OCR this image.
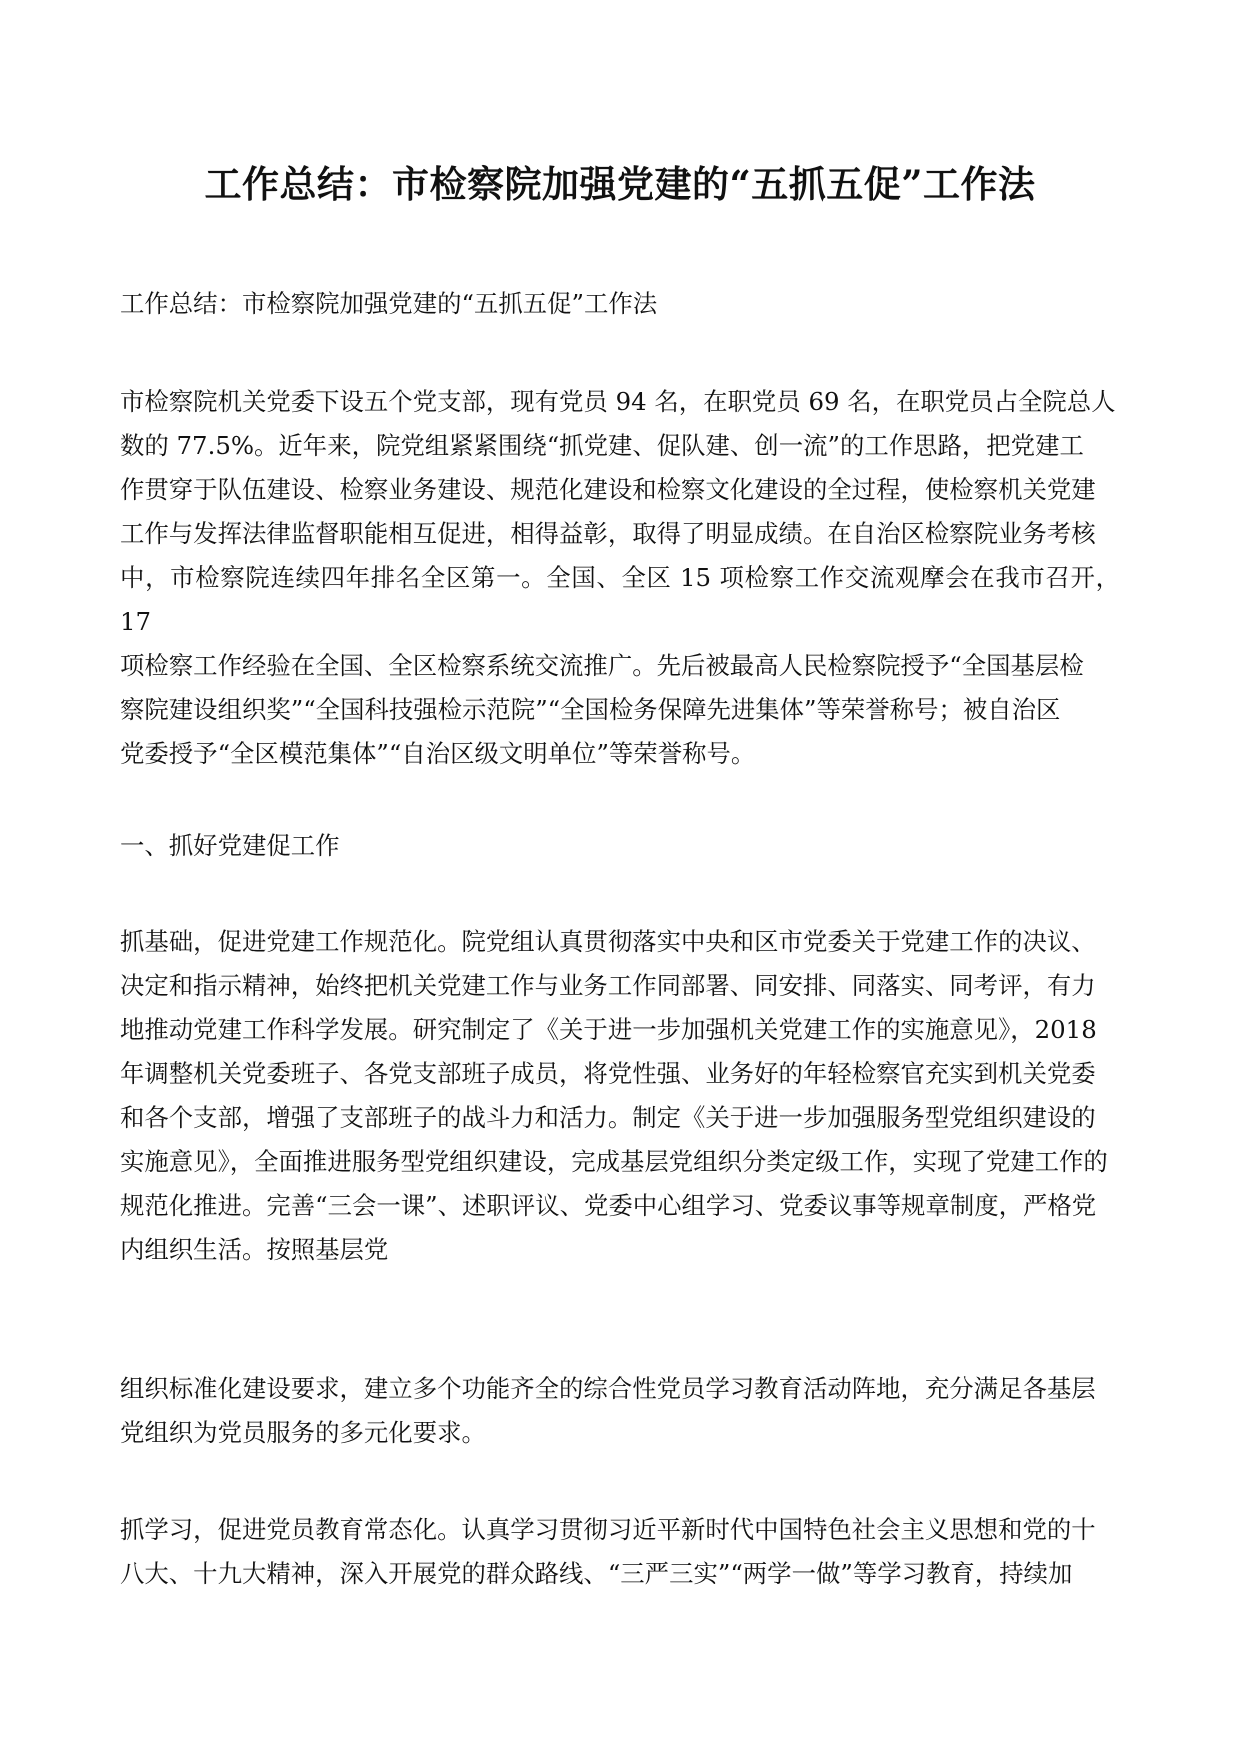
工作总结：市检察院加强党建的“五抓五促”工作法

工作总结：市检察院加强党建的“五抓五促”工作法

市检察院机关党委下设五个党支部，现有党员 94 名，在职党员 69 名，在职党员占全院总人
数的 77.5%。近年来，院党组紧紧围绕“抓党建、促队建、创一流”的工作思路，把党建工
作贯穿于队伍建设、检察业务建设、规范化建设和检察文化建设的全过程，使检察机关党建
工作与发挥法律监督职能相互促进，相得益彰，取得了明显成绩。在自治区检察院业务考核
中，市检察院连续四年排名全区第一。全国、全区 15 项检察工作交流观摩会在我市召开，17
项检察工作经验在全国、全区检察系统交流推广。先后被最高人民检察院授予“全国基层检
察院建设组织奖”“全国科技强检示范院”“全国检务保障先进集体”等荣誉称号；被自治区
党委授予“全区模范集体”“自治区级文明单位”等荣誉称号。

一、抓好党建促工作

抓基础，促进党建工作规范化。院党组认真贯彻落实中央和区市党委关于党建工作的决议、
决定和指示精神，始终把机关党建工作与业务工作同部署、同安排、同落实、同考评，有力
地推动党建工作科学发展。研究制定了《关于进一步加强机关党建工作的实施意见》，2018
年调整机关党委班子、各党支部班子成员，将党性强、业务好的年轻检察官充实到机关党委
和各个支部，增强了支部班子的战斗力和活力。制定《关于进一步加强服务型党组织建设的
实施意见》，全面推进服务型党组织建设，完成基层党组织分类定级工作，实现了党建工作的
规范化推进。完善“三会一课”、述职评议、党委中心组学习、党委议事等规章制度，严格党
内组织生活。按照基层党

组织标准化建设要求，建立多个功能齐全的综合性党员学习教育活动阵地，充分满足各基层
党组织为党员服务的多元化要求。

抓学习，促进党员教育常态化。认真学习贯彻习近平新时代中国特色社会主义思想和党的十
八大、十九大精神，深入开展党的群众路线、“三严三实”“两学一做”等学习教育，持续加
